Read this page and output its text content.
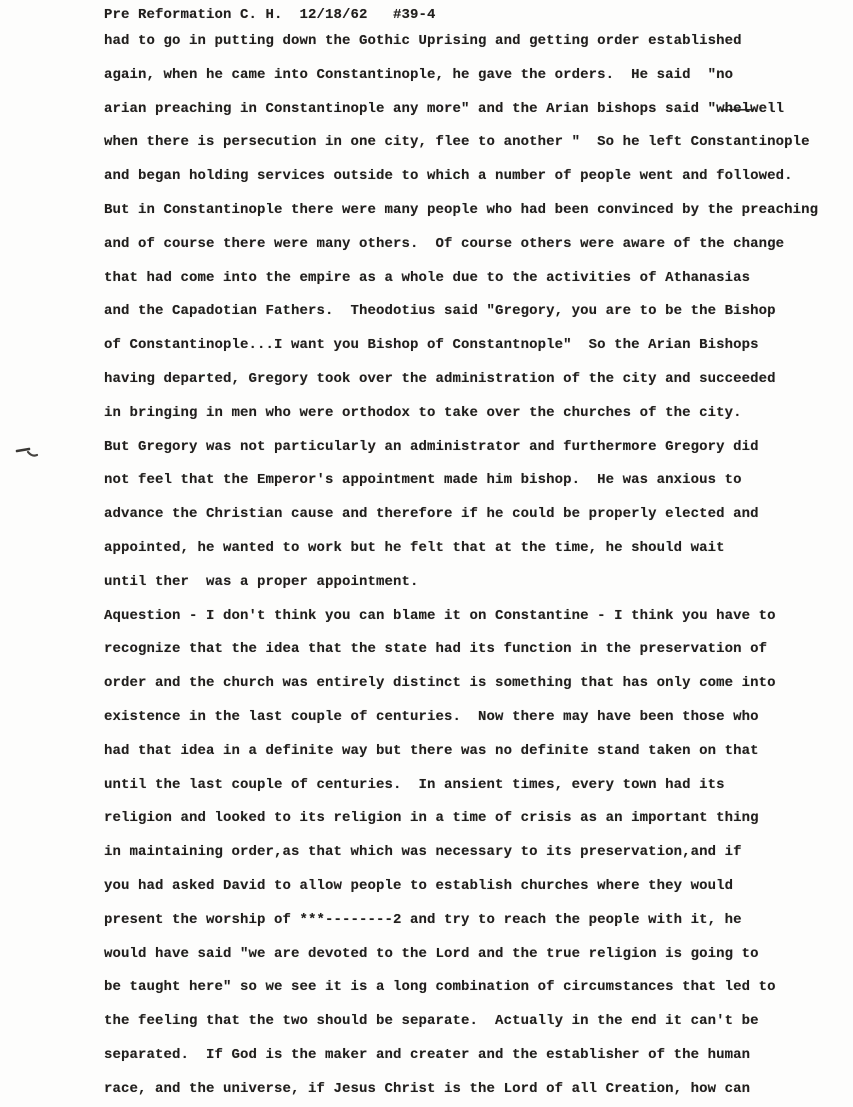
Pre Reformation C. H.  12/18/62   #39-4
had to go in putting down the Gothic Uprising and getting order established
again, when he came into Constantinople, he gave the orders.  He said  "no
arian preaching in Constantinople any more" and the Arian bishops said "w̶h̶e̶l̶well
when there is persecution in one city, flee to another "  So he left Constantinople
and began holding services outside to which a number of people went and followed.
But in Constantinople there were many people who had been convinced by the preaching
and of course there were many others.  Of course others were aware of the change
that had come into the empire as a whole due to the activities of Athanasias
and the Capadotian Fathers.  Theodotius said "Gregory, you are to be the Bishop
of Constantinople...I want you Bishop of Constantnople"  So the Arian Bishops
having departed, Gregory took over the administration of the city and succeeded
in bringing in men who were orthodox to take over the churches of the city.
But Gregory was not particularly an administrator and furthermore Gregory did
not feel that the Emperor's appointment made him bishop.  He was anxious to
advance the Christian cause and therefore if he could be properly elected and
appointed, he wanted to work but he felt that at the time, he should wait
until ther  was a proper appointment.
Aquestion - I don't think you can blame it on Constantine - I think you have to
recognize that the idea that the state had its function in the preservation of
order and the church was entirely distinct is something that has only come into
existence in the last couple of centuries.  Now there may have been those who
had that idea in a definite way but there was no definite stand taken on that
until the last couple of centuries.  In ansient times, every town had its
religion and looked to its religion in a time of crisis as an important thing
in maintaining order,as that which was necessary to its preservation,and if
you had asked David to allow people to establish churches where they would
present the worship of ***--------2 and try to reach the people with it, he
would have said "we are devoted to the Lord and the true religion is going to
be taught here" so we see it is a long combination of circumstances that led to
the feeling that the two should be separate.  Actually in the end it can't be
separated.  If God is the maker and creater and the establisher of the human
race, and the universe, if Jesus Christ is the Lord of all Creation, how can
